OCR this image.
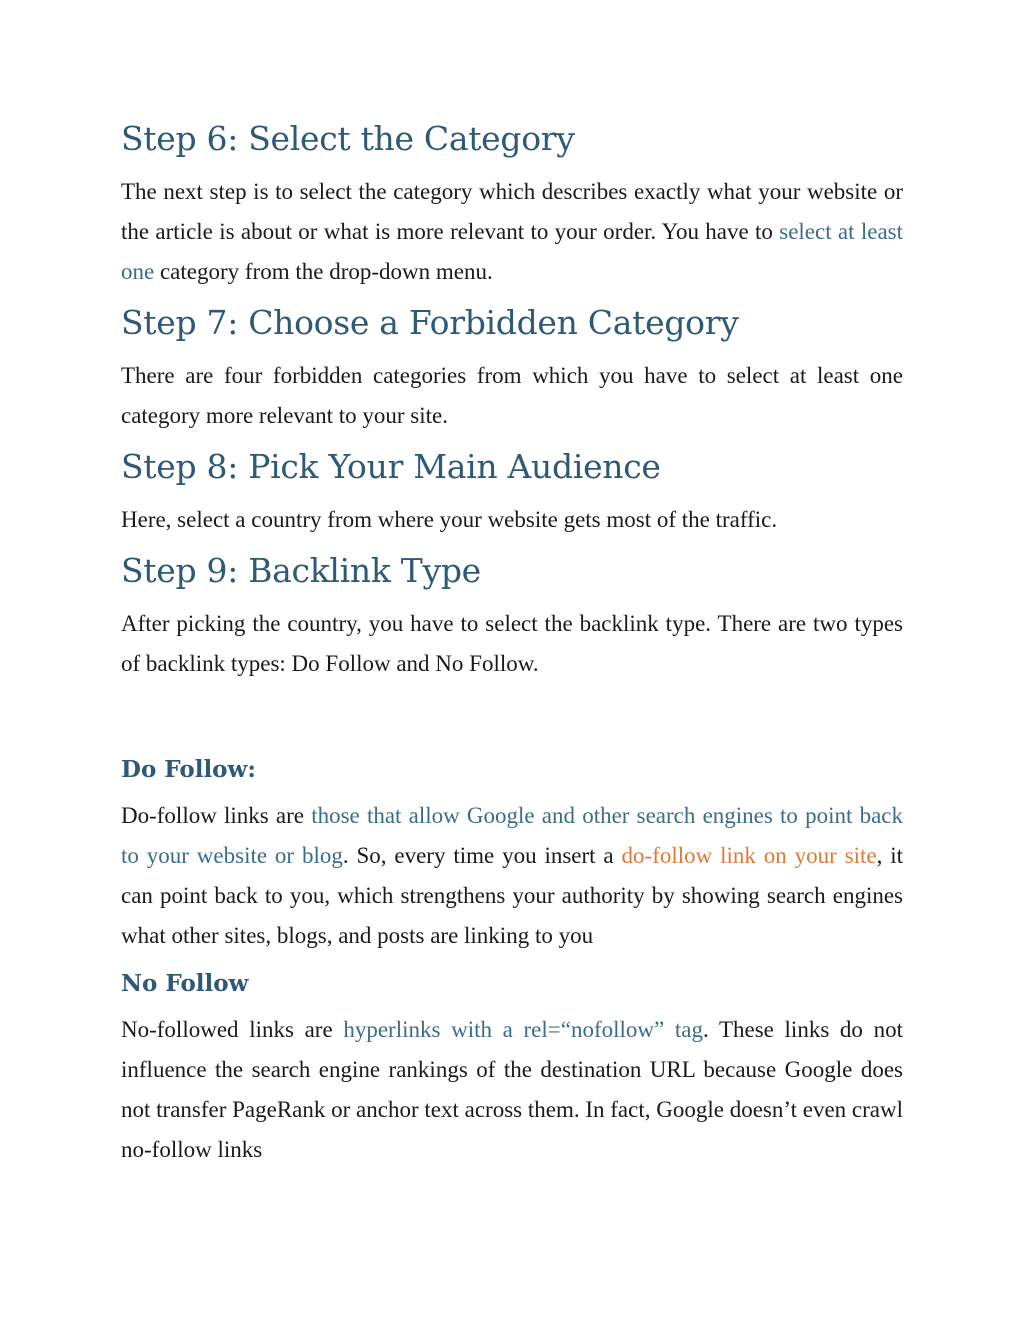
Step 6: Select the Category

The next step is to select the category which describes exactly what your website or the article is about or what is more relevant to your order. You have to select at least one category from the drop-down menu.

Step 7: Choose a Forbidden Category

There are four forbidden categories from which you have to select at least one category more relevant to your site.

Step 8: Pick Your Main Audience

Here, select a country from where your website gets most of the traffic.

Step 9: Backlink Type

After picking the country, you have to select the backlink type. There are two types of backlink types: Do Follow and No Follow.

Do Follow:

Do-follow links are those that allow Google and other search engines to point back to your website or blog. So, every time you insert a do-follow link on your site, it can point back to you, which strengthens your authority by showing search engines what other sites, blogs, and posts are linking to you

No Follow

No-followed links are hyperlinks with a rel=“nofollow” tag. These links do not influence the search engine rankings of the destination URL because Google does not transfer PageRank or anchor text across them. In fact, Google doesn’t even crawl no-follow links
